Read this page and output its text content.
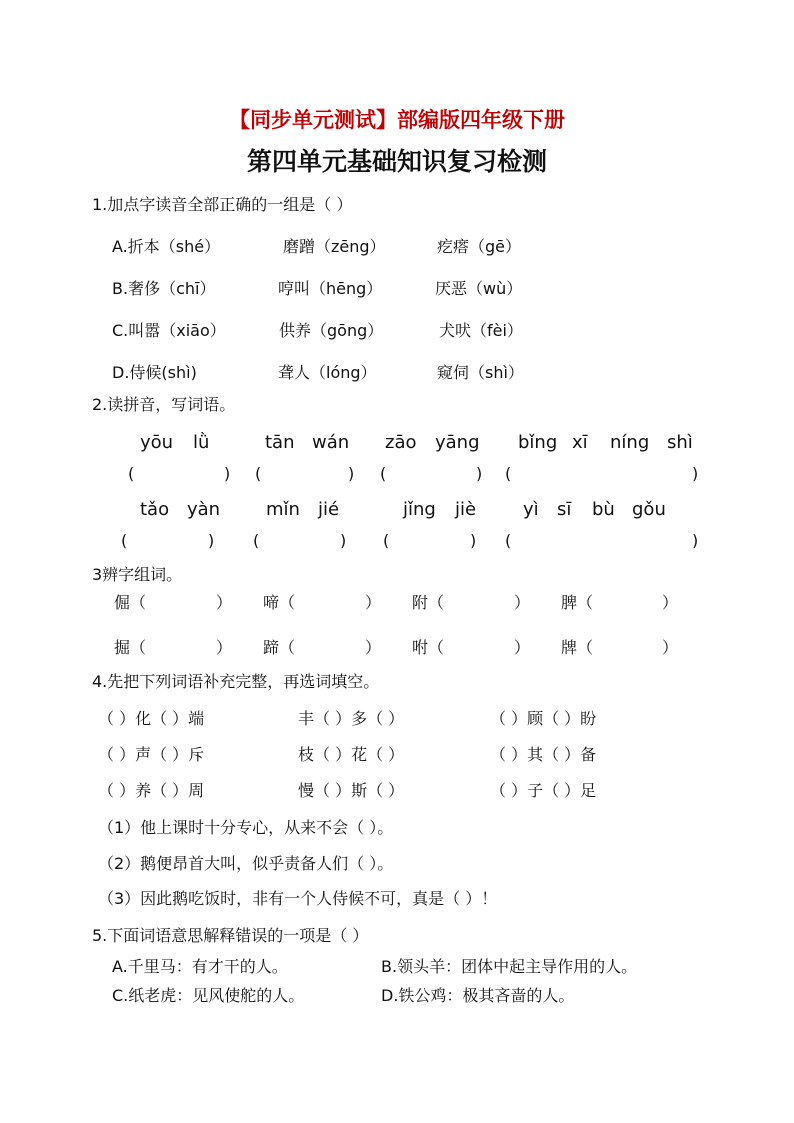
【同步单元测试】部编版四年级下册
第四单元基础知识复习检测
1.加点字读音全部正确的一组是（ ）
A.折本（shé）	磨蹭（zēng）	疙瘩（gē）
B.奢侈（chī）	哼叫（hēng）	厌恶（wù）
C.叫嚣（xiāo）	供养（gōng）	犬吠（fèi）
D.侍候(shì)	聋人（lóng）	窥伺（shì）
2.读拼音，写词语。
yōu lǜ	tān wán zāo yāng bǐng xī níng shì
(	) (	) (	) (	)
tǎo yàn	mǐn jié	jǐng jiè	yì sī bù gǒu
(	) (	) (	) (	)
3辨字组词。
倔（	） 啼（	） 附（	） 脾（	）
掘（	） 蹄（	） 咐（	） 牌（	）
4.先把下列词语补充完整，再选词填空。
（ ）化（ ）端	丰（ ）多（ ）	（ ）顾（ ）盼
（ ）声（ ）斥	枝（ ）花（ ）	（ ）其（ ）备
（ ）养（ ）周	慢（ ）斯（ ）	（ ）子（ ）足
（1）他上课时十分专心，从来不会（ ）。
（2）鹅便昂首大叫，似乎责备人们（ ）。
（3）因此鹅吃饭时，非有一个人侍候不可，真是（ ）！
5.下面词语意思解释错误的一项是（ ）
A.千里马：有才干的人。	B.领头羊：团体中起主导作用的人。
C.纸老虎：见风使舵的人。	D.铁公鸡：极其吝啬的人。
